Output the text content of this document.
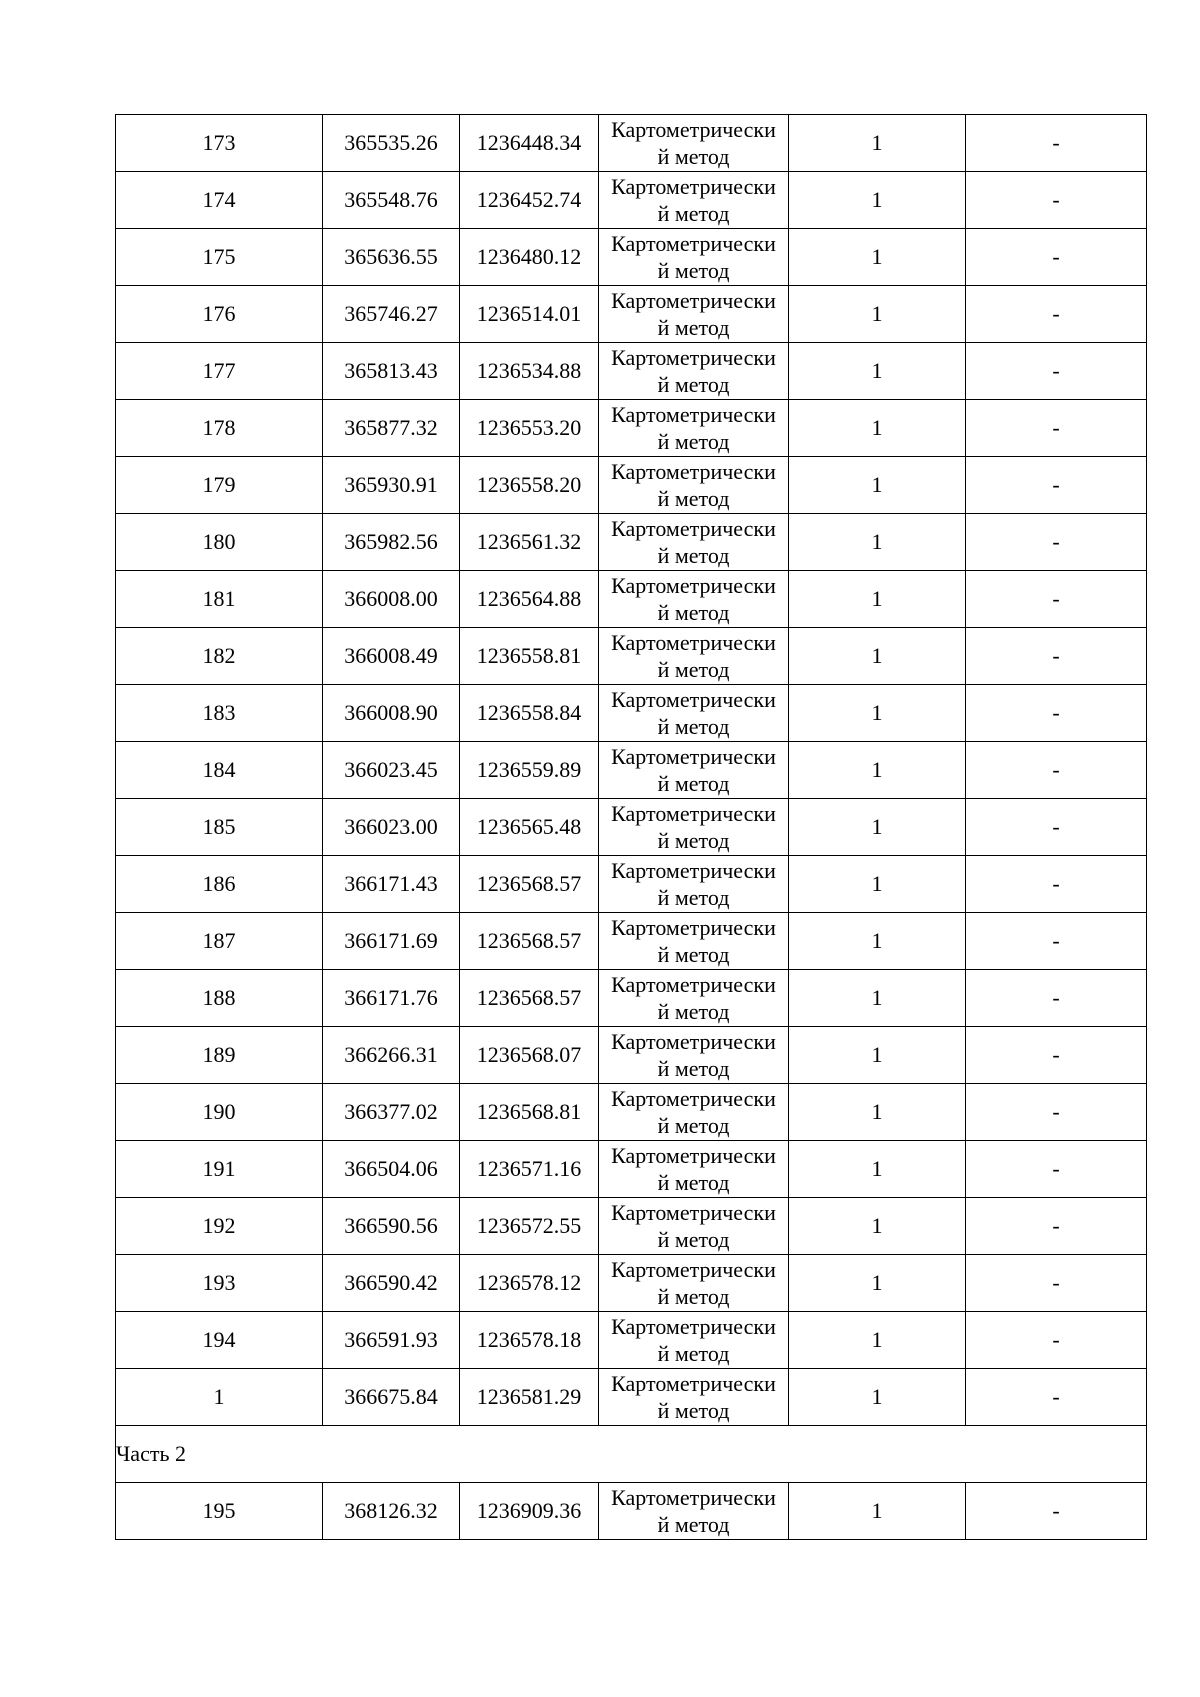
173	365535.26	1236448.34	Картометрически
й метод	1	-
174	365548.76	1236452.74	Картометрически
й метод	1	-
175	365636.55	1236480.12	Картометрически
й метод	1	-
176	365746.27	1236514.01	Картометрически
й метод	1	-
177	365813.43	1236534.88	Картометрически
й метод	1	-
178	365877.32	1236553.20	Картометрически
й метод	1	-
179	365930.91	1236558.20	Картометрически
й метод	1	-
180	365982.56	1236561.32	Картометрически
й метод	1	-
181	366008.00	1236564.88	Картометрически
й метод	1	-
182	366008.49	1236558.81	Картометрически
й метод	1	-
183	366008.90	1236558.84	Картометрически
й метод	1	-
184	366023.45	1236559.89	Картометрически
й метод	1	-
185	366023.00	1236565.48	Картометрически
й метод	1	-
186	366171.43	1236568.57	Картометрически
й метод	1	-
187	366171.69	1236568.57	Картометрически
й метод	1	-
188	366171.76	1236568.57	Картометрически
й метод	1	-
189	366266.31	1236568.07	Картометрически
й метод	1	-
190	366377.02	1236568.81	Картометрически
й метод	1	-
191	366504.06	1236571.16	Картометрически
й метод	1	-
192	366590.56	1236572.55	Картометрически
й метод	1	-
193	366590.42	1236578.12	Картометрически
й метод	1	-
194	366591.93	1236578.18	Картометрически
й метод	1	-
1	366675.84	1236581.29	Картометрически
й метод	1	-
Часть 2					
195	368126.32	1236909.36	Картометрически
й метод	1	-
